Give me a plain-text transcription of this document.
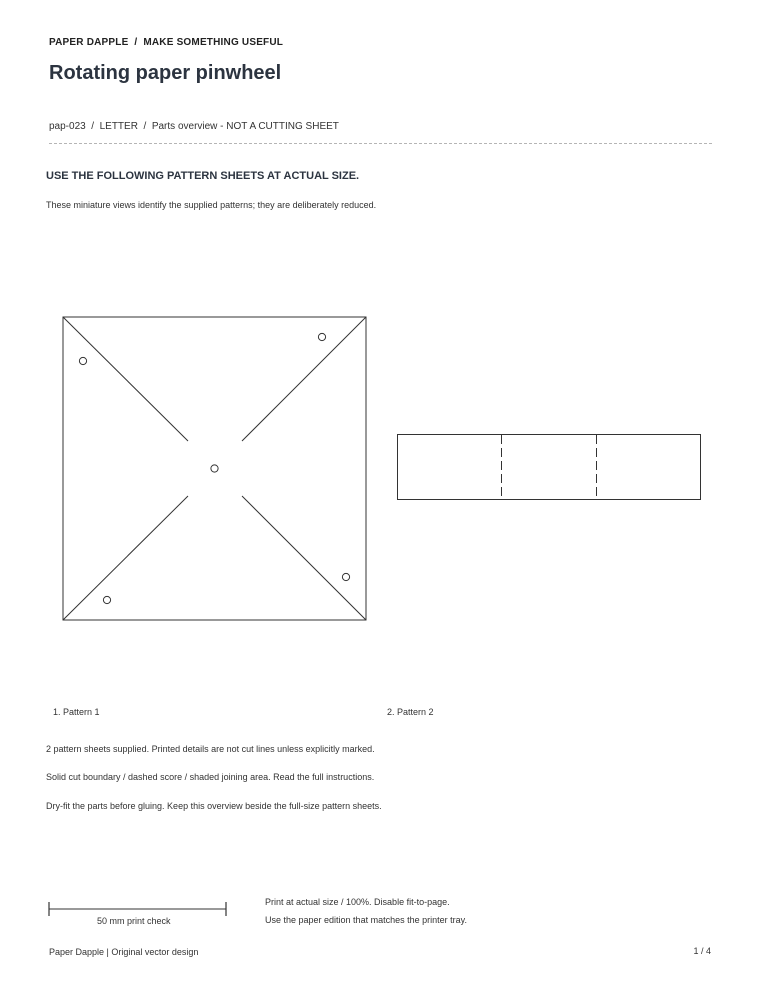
PAPER DAPPLE  /  MAKE SOMETHING USEFUL
Rotating paper pinwheel
pap-023  /  LETTER  /  Parts overview - NOT A CUTTING SHEET
USE THE FOLLOWING PATTERN SHEETS AT ACTUAL SIZE.
These miniature views identify the supplied patterns; they are deliberately reduced.
1. Pattern 1	2. Pattern 2
2 pattern sheets supplied. Printed details are not cut lines unless explicitly marked.
Solid cut boundary / dashed score / shaded joining area. Read the full instructions.
Dry-fit the parts before gluing. Keep this overview beside the full-size pattern sheets.
50 mm print check
Print at actual size / 100%. Disable fit-to-page.
Use the paper edition that matches the printer tray.
Paper Dapple | Original vector design	1 / 4
